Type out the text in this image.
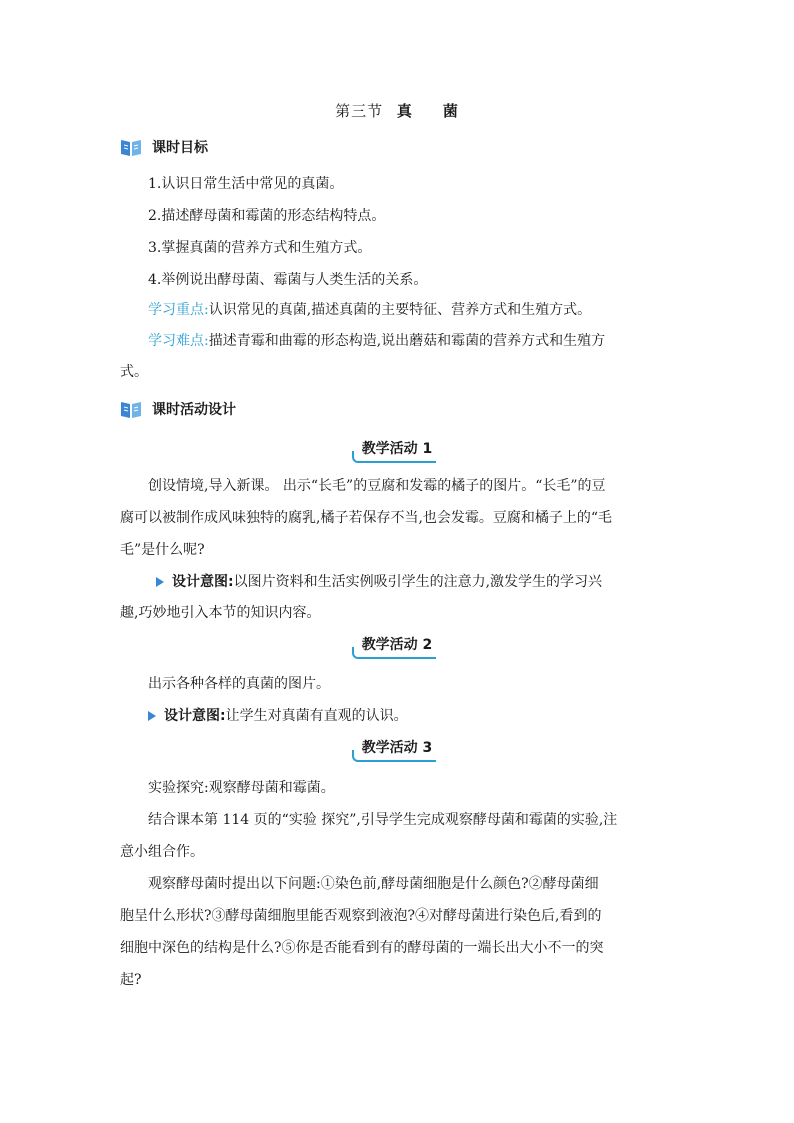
第三节 真 菌
课时目标
1.认识日常生活中常见的真菌。
2.描述酵母菌和霉菌的形态结构特点。
3.掌握真菌的营养方式和生殖方式。
4.举例说出酵母菌、霉菌与人类生活的关系。
学习重点:认识常见的真菌,描述真菌的主要特征、营养方式和生殖方式。
学习难点:描述青霉和曲霉的形态构造,说出蘑菇和霉菌的营养方式和生殖方
式。
课时活动设计
教学活动 1
创设情境,导入新课。 出示“长毛”的豆腐和发霉的橘子的图片。“长毛”的豆
腐可以被制作成风味独特的腐乳,橘子若保存不当,也会发霉。豆腐和橘子上的“毛
毛”是什么呢?
设计意图:以图片资料和生活实例吸引学生的注意力,激发学生的学习兴
趣,巧妙地引入本节的知识内容。
教学活动 2
出示各种各样的真菌的图片。
设计意图:让学生对真菌有直观的认识。
教学活动 3
实验探究:观察酵母菌和霉菌。
结合课本第 114 页的“实验 探究”,引导学生完成观察酵母菌和霉菌的实验,注
意小组合作。
观察酵母菌时提出以下问题:①染色前,酵母菌细胞是什么颜色?②酵母菌细
胞呈什么形状?③酵母菌细胞里能否观察到液泡?④对酵母菌进行染色后,看到的
细胞中深色的结构是什么?⑤你是否能看到有的酵母菌的一端长出大小不一的突
起?
